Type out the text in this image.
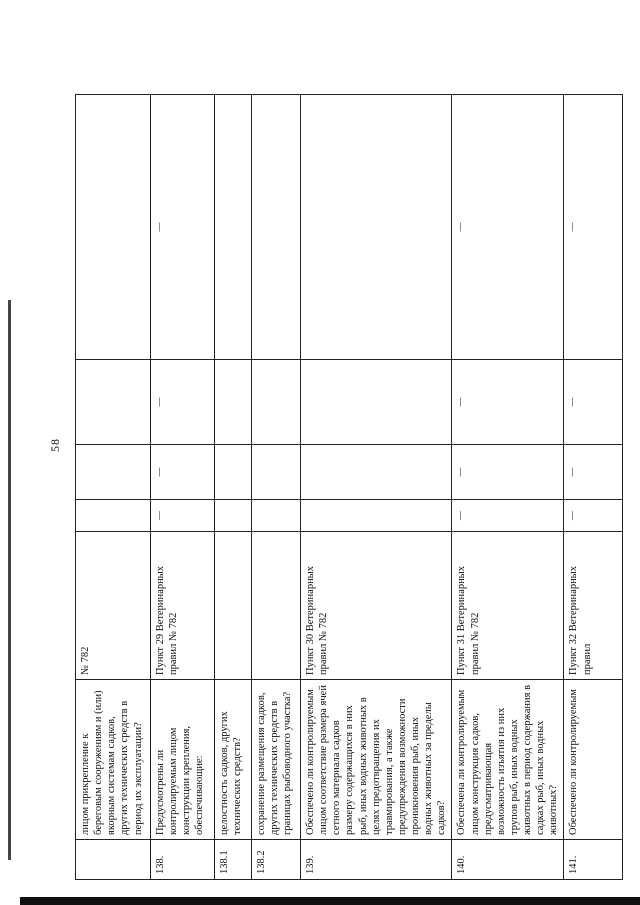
58
	лицом прикрепление к береговым сооружениям и (или) якорным системам садков, других технических средств в период их эксплуатации?	№ 782				
138.	Предусмотрены ли контролируемым лицом конструкции крепления, обеспечивающие:	Пункт 29 Ветеринарных правил № 782	—	—	—	—
138.1	целостность садков, других технических средств?					
138.2	сохранение размещения садков, других технических средств в границах рыбоводного участка?					
139.	Обеспечено ли контролируемым лицом соответствие размера ячей сетного материала садков размеру содержащихся в них рыб, иных водных животных в целях предотвращения их травмирования, а также предупреждения возможности проникновения рыб, иных водных животных за пределы садков?	Пункт 30 Ветеринарных правил № 782				
140.	Обеспечена ли контролируемым лицом конструкция садков, предусматривающая возможность изъятия из них трупов рыб, иных водных животных в период содержания в садках рыб, иных водных животных?	Пункт 31 Ветеринарных правил № 782	—	—	—	—
141.	Обеспечено ли контролируемым	Пункт 32 Ветеринарных правил	—	—	—	—
